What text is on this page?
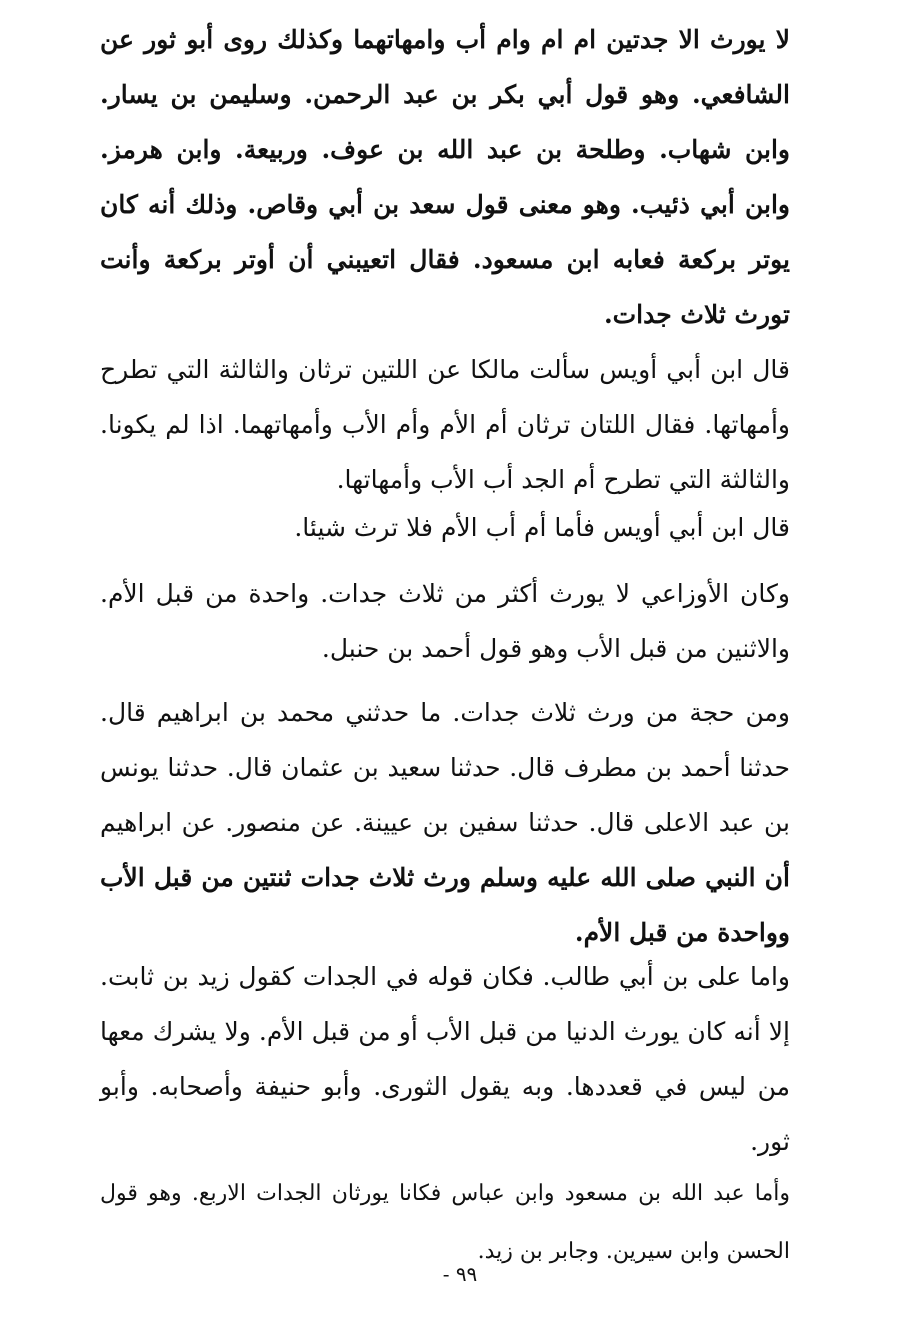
لا يورث الا جدتين ام ام وام أب وامهاتهما وكذلك روى أبو ثور عن الشافعي. وهو قول أبي بكر بن عبد الرحمن. وسليمن بن يسار. وابن شهاب. وطلحة بن عبد الله بن عوف. وربيعة. وابن هرمز. وابن أبي ذئيب. وهو معنى قول سعد بن أبي وقاص. وذلك أنه كان يوتر بركعة فعابه ابن مسعود. فقال اتعيبني أن أوتر بركعة وأنت تورث ثلاث جدات.

قال ابن أبي أويس سألت مالكا عن اللتين ترثان والثالثة التي تطرح وأمهاتها. فقال اللتان ترثان أم الأم وأم الأب وأمهاتهما. اذا لم يكونا. والثالثة التي تطرح أم الجد أب الأب وأمهاتها.

قال ابن أبي أويس فأما أم أب الأم فلا ترث شيئا.

وكان الأوزاعي لا يورث أكثر من ثلاث جدات. واحدة من قبل الأم. والاثنين من قبل الأب وهو قول أحمد بن حنبل.

ومن حجة من ورث ثلاث جدات. ما حدثني محمد بن ابراهيم قال. حدثنا أحمد بن مطرف قال. حدثنا سعيد بن عثمان قال. حدثنا يونس بن عبد الاعلى قال. حدثنا سفين بن عيينة. عن منصور. عن ابراهيم أن النبي صلى الله عليه وسلم ورث ثلاث جدات ثنتين من قبل الأب وواحدة من قبل الأم.

واما على بن أبي طالب. فكان قوله في الجدات كقول زيد بن ثابت. إلا أنه كان يورث الدنيا من قبل الأب أو من قبل الأم. ولا يشرك معها من ليس في قعددها. وبه يقول الثورى. وأبو حنيفة وأصحابه. وأبو ثور.

وأما عبد الله بن مسعود وابن عباس فكانا يورثان الجدات الاربع. وهو قول الحسن وابن سيرين. وجابر بن زيد.

- ٩٩
